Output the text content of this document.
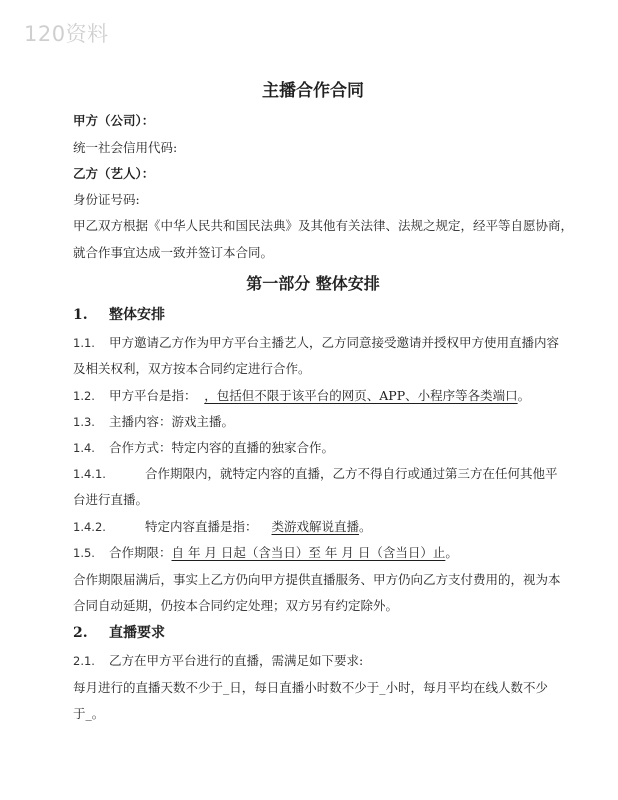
120资料
主播合作合同
甲方（公司）：
统一社会信用代码:
乙方（艺人）：
身份证号码:
甲乙双方根据《中华人民共和国民法典》及其他有关法律、法规之规定，经平等自愿协商，
就合作事宜达成一致并签订本合同。
第一部分 整体安排
1. 整体安排
1.1. 甲方邀请乙方作为甲方平台主播艺人，乙方同意接受邀请并授权甲方使用直播内容
及相关权利，双方按本合同约定进行合作。
1.2. 甲方平台是指： ，包括但不限于该平台的网页、APP、小程序等各类端口。
1.3. 主播内容：游戏主播。
1.4. 合作方式：特定内容的直播的独家合作。
1.4.1.	合作期限内，就特定内容的直播，乙方不得自行或通过第三方在任何其他平
台进行直播。
1.4.2.	特定内容直播是指： 类游戏解说直播。
1.5. 合作期限：自 年 月 日起（含当日）至 年 月 日（含当日）止。
合作期限届满后，事实上乙方仍向甲方提供直播服务、甲方仍向乙方支付费用的，视为本
合同自动延期，仍按本合同约定处理；双方另有约定除外。
2. 直播要求
2.1. 乙方在甲方平台进行的直播，需满足如下要求:
每月进行的直播天数不少于_日，每日直播小时数不少于_小时，每月平均在线人数不少
于_。
